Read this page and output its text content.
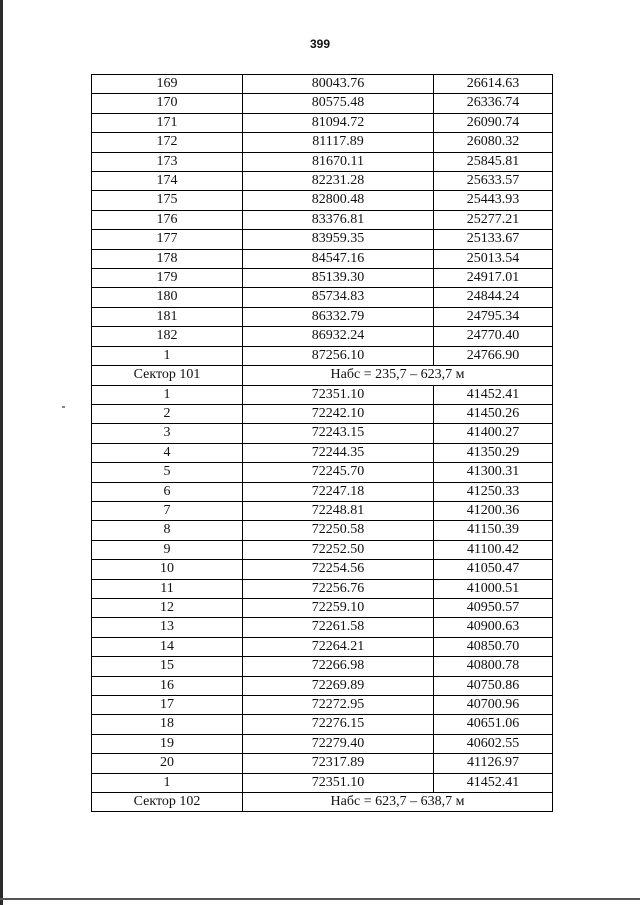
399
169	80043.76	26614.63
170	80575.48	26336.74
171	81094.72	26090.74
172	81117.89	26080.32
173	81670.11	25845.81
174	82231.28	25633.57
175	82800.48	25443.93
176	83376.81	25277.21
177	83959.35	25133.67
178	84547.16	25013.54
179	85139.30	24917.01
180	85734.83	24844.24
181	86332.79	24795.34
182	86932.24	24770.40
1	87256.10	24766.90
Сектор 101	Набс = 235,7 – 623,7 м	
1	72351.10	41452.41
2	72242.10	41450.26
3	72243.15	41400.27
4	72244.35	41350.29
5	72245.70	41300.31
6	72247.18	41250.33
7	72248.81	41200.36
8	72250.58	41150.39
9	72252.50	41100.42
10	72254.56	41050.47
11	72256.76	41000.51
12	72259.10	40950.57
13	72261.58	40900.63
14	72264.21	40850.70
15	72266.98	40800.78
16	72269.89	40750.86
17	72272.95	40700.96
18	72276.15	40651.06
19	72279.40	40602.55
20	72317.89	41126.97
1	72351.10	41452.41
Сектор 102	Набс = 623,7 – 638,7 м	
